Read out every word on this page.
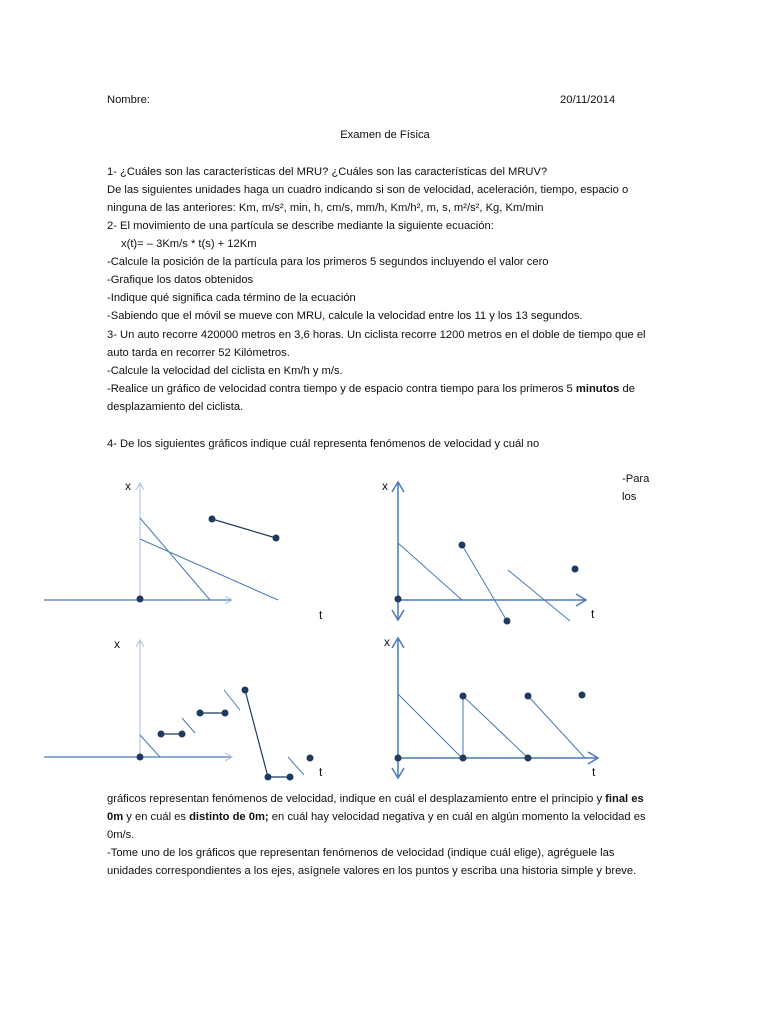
Nombre:	20/11/2014
Examen de Física
1- ¿Cuáles son las características del MRU? ¿Cuáles son las características del MRUV?
De las siguientes unidades haga un cuadro indicando si son de velocidad, aceleración, tiempo, espacio o
ninguna de las anteriores: Km, m/s², min, h, cm/s, mm/h, Km/h², m, s, m²/s², Kg, Km/min
2- El movimiento de una partícula se describe mediante la siguiente ecuación:
x(t)= – 3Km/s * t(s) + 12Km
-Calcule la posición de la partícula para los primeros 5 segundos incluyendo el valor cero
-Grafique los datos obtenidos
-Indique qué significa cada término de la ecuación
-Sabiendo que el móvil se mueve con MRU, calcule la velocidad entre los 11 y los 13 segundos.
3- Un auto recorre 420000 metros en 3,6 horas. Un ciclista recorre 1200 metros en el doble de tiempo que el
auto tarda en recorrer 52 Kilómetros.
-Calcule la velocidad del ciclista en Km/h y m/s.
-Realice un gráfico de velocidad contra tiempo y de espacio contra tiempo para los primeros 5 minutos de
desplazamiento del ciclista.
4- De los siguientes gráficos indique cuál representa fenómenos de velocidad y cuál no
-Para
los
x
t
x
t
x
t
x
t
gráficos representan fenómenos de velocidad, indique en cuál el desplazamiento entre el principio y final es
0m y en cuál es distinto de 0m; en cuál hay velocidad negativa y en cuál en algún momento la velocidad es
0m/s.
-Tome uno de los gráficos que representan fenómenos de velocidad (indique cuál elige), agréguele las
unidades correspondientes a los ejes, asígnele valores en los puntos y escriba una historia simple y breve.
